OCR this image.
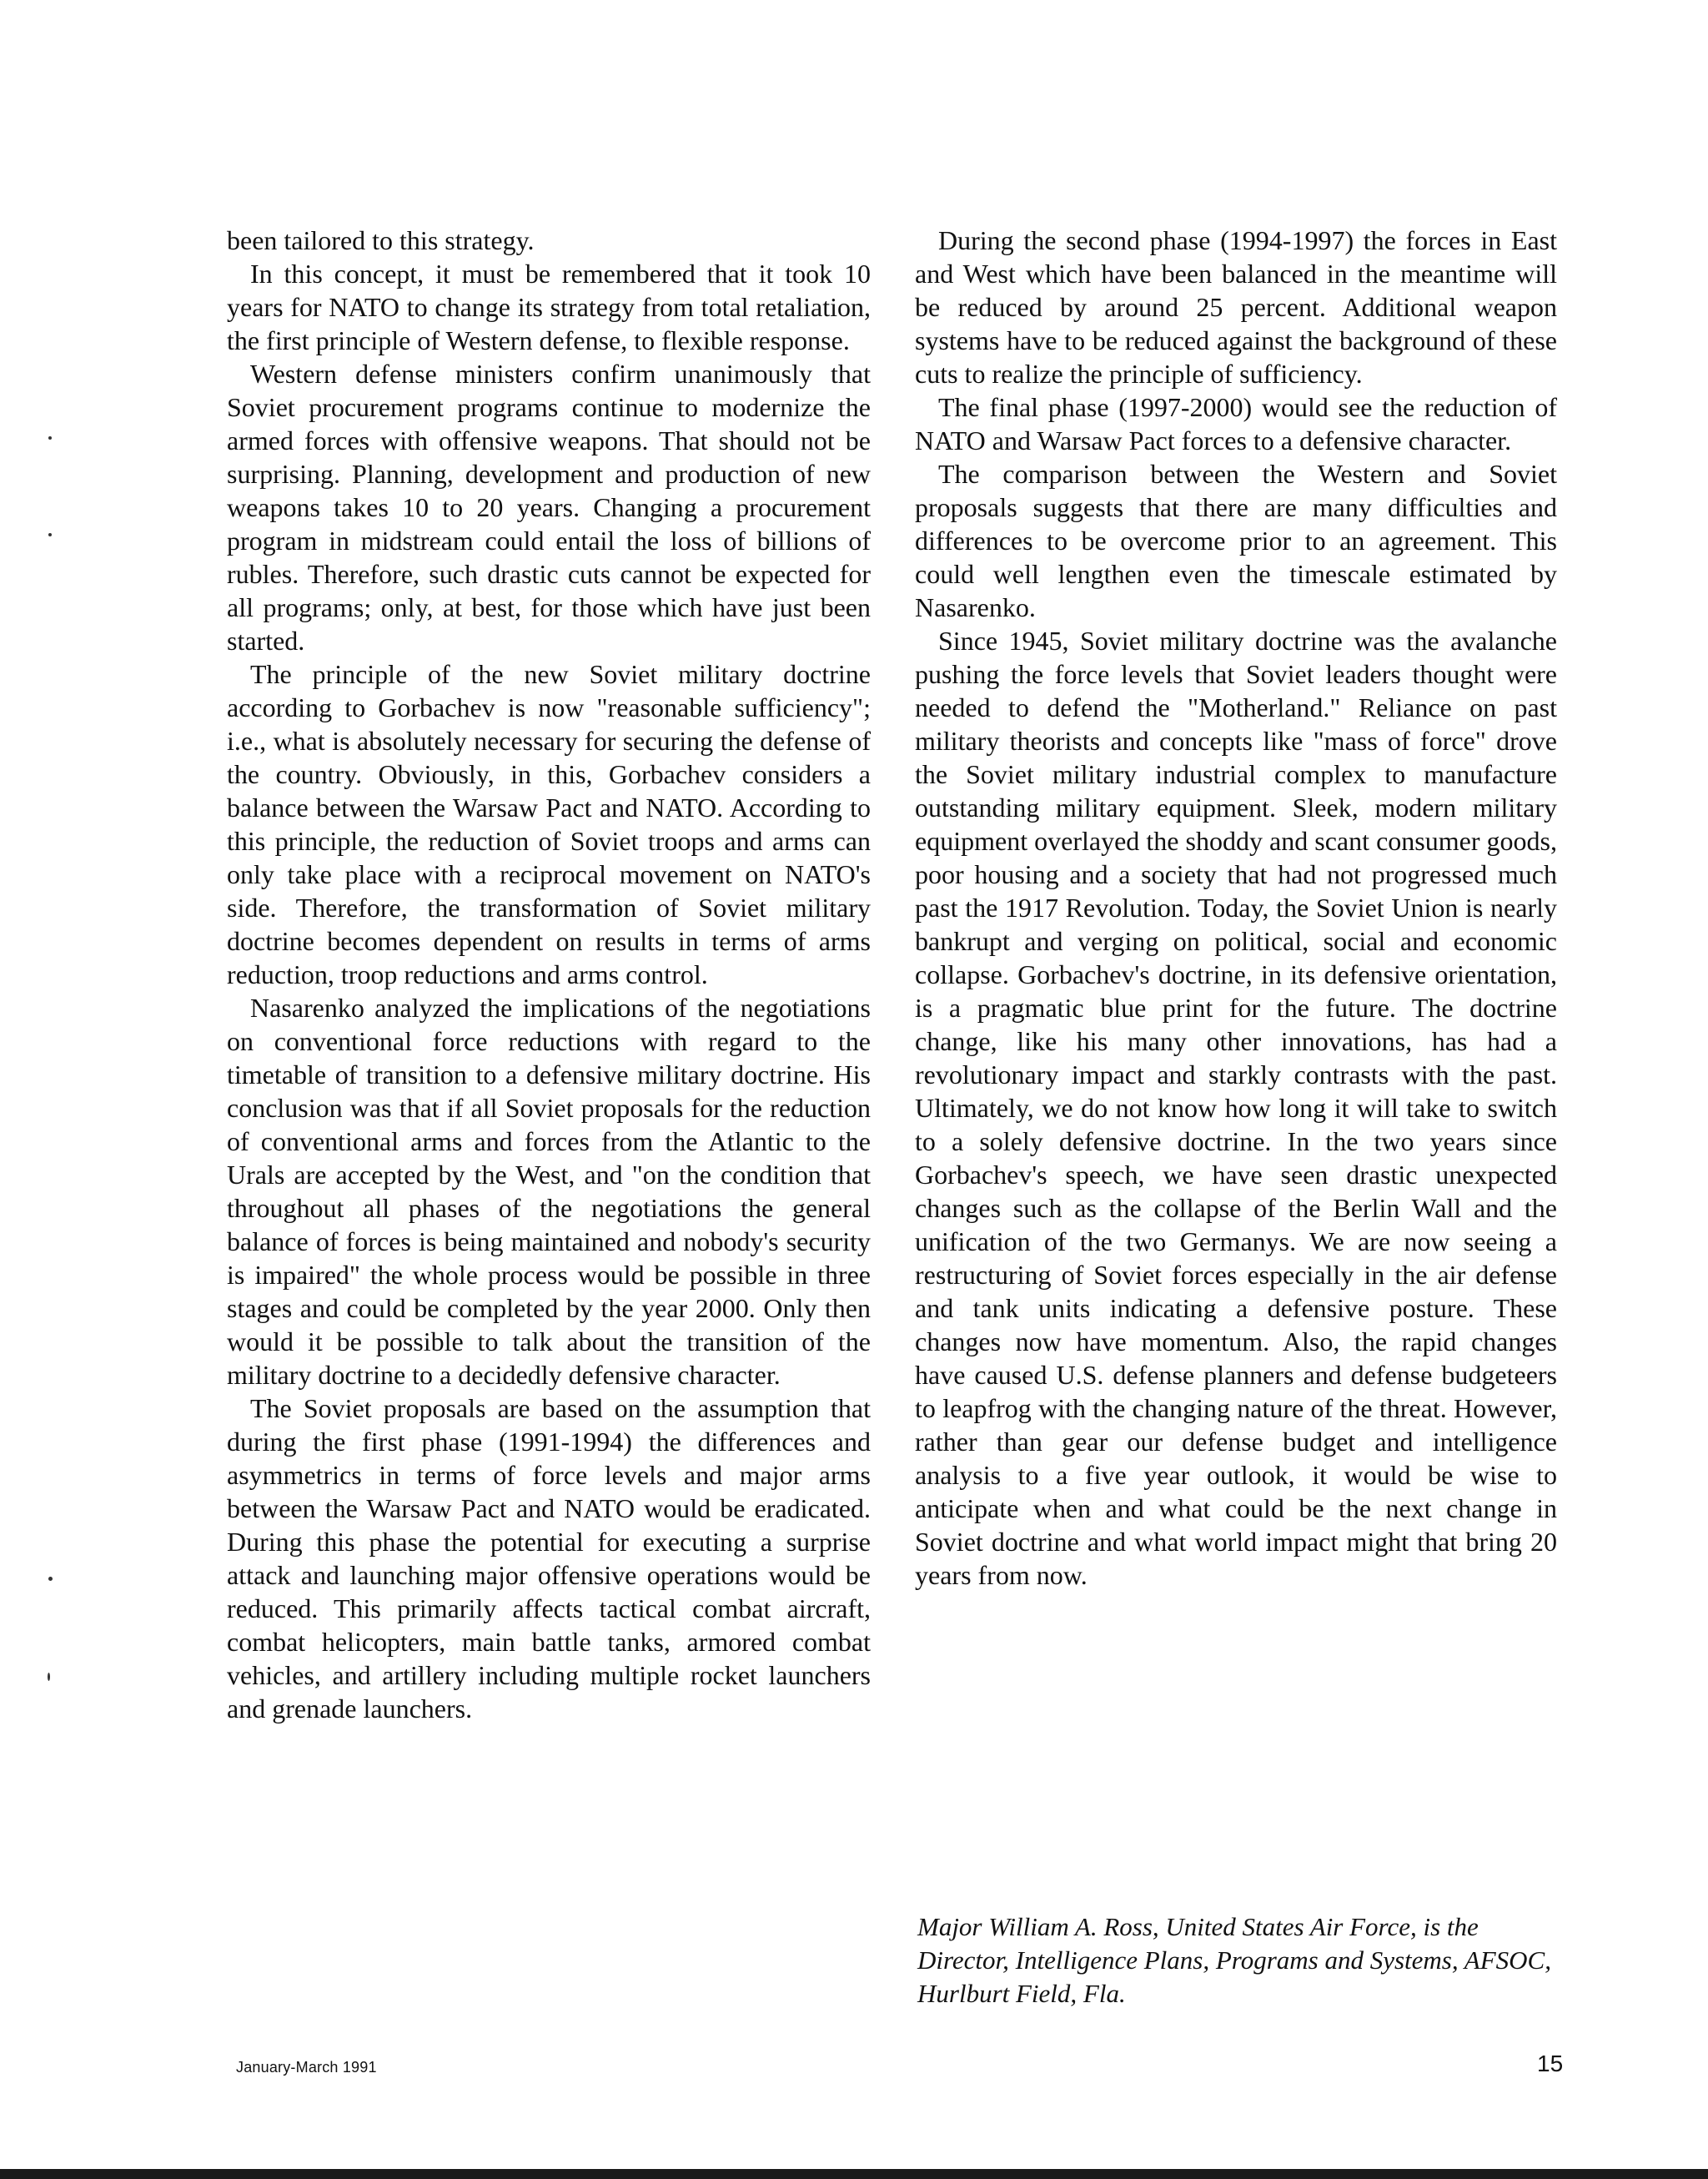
been tailored to this strategy.

In this concept, it must be remembered that it took 10 years for NATO to change its strategy from total retaliation, the first principle of Western defense, to flexible response.

Western defense ministers confirm unanimously that Soviet procurement programs continue to modernize the armed forces with offensive weapons. That should not be surprising. Planning, development and production of new weapons takes 10 to 20 years. Changing a procurement program in midstream could entail the loss of billions of rubles. Therefore, such drastic cuts cannot be expected for all programs; only, at best, for those which have just been started.

The principle of the new Soviet military doctrine according to Gorbachev is now "reasonable sufficiency"; i.e., what is absolutely necessary for securing the defense of the country. Obviously, in this, Gorbachev considers a balance between the Warsaw Pact and NATO. According to this principle, the reduction of Soviet troops and arms can only take place with a reciprocal movement on NATO's side. Therefore, the transformation of Soviet military doctrine becomes dependent on results in terms of arms reduction, troop reductions and arms control.

Nasarenko analyzed the implications of the negotiations on conventional force reductions with regard to the timetable of transition to a defensive military doctrine. His conclusion was that if all Soviet proposals for the reduction of conventional arms and forces from the Atlantic to the Urals are accepted by the West, and "on the condition that throughout all phases of the negotiations the general balance of forces is being maintained and nobody's security is impaired" the whole process would be possible in three stages and could be completed by the year 2000. Only then would it be possible to talk about the transition of the military doctrine to a decidedly defensive character.

The Soviet proposals are based on the assumption that during the first phase (1991-1994) the differences and asymmetrics in terms of force levels and major arms between the Warsaw Pact and NATO would be eradicated. During this phase the potential for executing a surprise attack and launching major offensive operations would be reduced. This primarily affects tactical combat aircraft, combat helicopters, main battle tanks, armored combat vehicles, and artillery including multiple rocket launchers and grenade launchers.

During the second phase (1994-1997) the forces in East and West which have been balanced in the meantime will be reduced by around 25 percent. Additional weapon systems have to be reduced against the background of these cuts to realize the principle of sufficiency.

The final phase (1997-2000) would see the reduction of NATO and Warsaw Pact forces to a defensive character.

The comparison between the Western and Soviet proposals suggests that there are many difficulties and differences to be overcome prior to an agreement. This could well lengthen even the timescale estimated by Nasarenko.

Since 1945, Soviet military doctrine was the avalanche pushing the force levels that Soviet leaders thought were needed to defend the "Motherland." Reliance on past military theorists and concepts like "mass of force" drove the Soviet military industrial complex to manufacture outstanding military equipment. Sleek, modern military equipment overlayed the shoddy and scant consumer goods, poor housing and a society that had not progressed much past the 1917 Revolution. Today, the Soviet Union is nearly bankrupt and verging on political, social and economic collapse. Gorbachev's doctrine, in its defensive orientation, is a pragmatic blue print for the future. The doctrine change, like his many other innovations, has had a revolutionary impact and starkly contrasts with the past. Ultimately, we do not know how long it will take to switch to a solely defensive doctrine. In the two years since Gorbachev's speech, we have seen drastic unexpected changes such as the collapse of the Berlin Wall and the unification of the two Germanys. We are now seeing a restructuring of Soviet forces especially in the air defense and tank units indicating a defensive posture. These changes now have momentum. Also, the rapid changes have caused U.S. defense planners and defense budgeteers to leapfrog with the changing nature of the threat. However, rather than gear our defense budget and intelligence analysis to a five year outlook, it would be wise to anticipate when and what could be the next change in Soviet doctrine and what world impact might that bring 20 years from now.

Major William A. Ross, United States Air Force, is the Director, Intelligence Plans, Programs and Systems, AFSOC, Hurlburt Field, Fla.
January-March 1991	15
